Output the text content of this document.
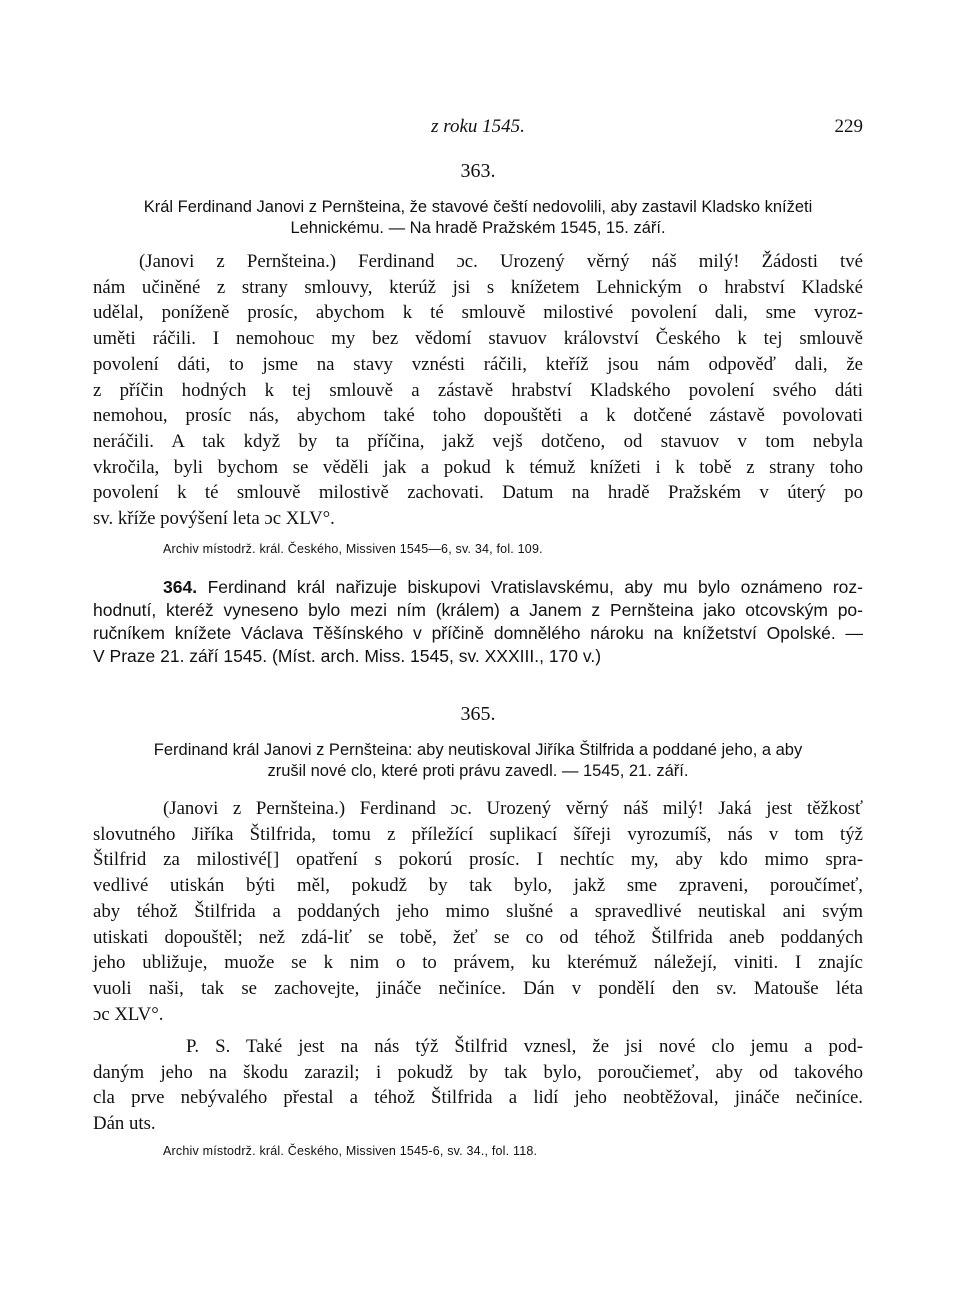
z roku 1545.	229
363.
Král Ferdinand Janovi z Pernšteina, že stavové čeští nedovolili, aby zastavil Kladsko knížeti
Lehnickému. — Na hradě Pražském 1545, 15. září.
(Janovi z Pernšteina.) Ferdinand ɔc. Urozený věrný náš milý! Žádosti tvé
nám učiněné z strany smlouvy, kterúž jsi s knížetem Lehnickým o hrabství Kladské
udělal, poníženě prosíc, abychom k té smlouvě milostivé povolení dali, sme vyroz-
uměti ráčili. I nemohouc my bez vědomí stavuov království Českého k tej smlouvě
povolení dáti, to jsme na stavy vznésti ráčili, kteříž jsou nám odpověď dali, že
z příčin hodných k tej smlouvě a zástavě hrabství Kladského povolení svého dáti
nemohou, prosíc nás, abychom také toho dopouštěti a k dotčené zástavě povolovati
neráčili. A tak když by ta příčina, jakž vejš dotčeno, od stavuov v tom nebyla
vkročila, byli bychom se věděli jak a pokud k témuž knížeti i k tobě z strany toho
povolení k té smlouvě milostivě zachovati. Datum na hradě Pražském v úterý po
sv. kříže povýšení leta ɔc XLV°.
Archiv místodrž. král. Českého, Missiven 1545—6, sv. 34, fol. 109.
364. Ferdinand král nařizuje biskupovi Vratislavskému, aby mu bylo oznámeno roz-
hodnutí, kteréž vyneseno bylo mezi ním (králem) a Janem z Pernšteina jako otcovským po-
ručníkem knížete Václava Těšínského v příčině domnělého nároku na knížetství Opolské. —
V Praze 21. září 1545. (Míst. arch. Miss. 1545, sv. XXXIII., 170 v.)
365.
Ferdinand král Janovi z Pernšteina: aby neutiskoval Jiříka Štilfrida a poddané jeho, a aby
zrušil nové clo, které proti právu zavedl. — 1545, 21. září.
(Janovi z Pernšteina.) Ferdinand ɔc. Urozený věrný náš milý! Jaká jest těžkosť
slovutného Jiříka Štilfrida, tomu z příležící suplikací šířeji vyrozumíš, nás v tom týž
Štilfrid za milostivé[] opatření s pokorú prosíc. I nechtíc my, aby kdo mimo spra-
vedlivé utiskán býti měl, pokudž by tak bylo, jakž sme zpraveni, poroučímeť,
aby téhož Štilfrida a poddaných jeho mimo slušné a spravedlivé neutiskal ani svým
utiskati dopouštěl; než zdá-liť se tobě, žeť se co od téhož Štilfrida aneb poddaných
jeho ubližuje, muože se k nim o to právem, ku kterémuž náležejí, viniti. I znajíc
vuoli naši, tak se zachovejte, jináče nečiníce. Dán v pondělí den sv. Matouše léta
ɔc XLV°.
P. S. Také jest na nás týž Štilfrid vznesl, že jsi nové clo jemu a pod-
daným jeho na škodu zarazil; i pokudž by tak bylo, poroučiemeť, aby od takového
cla prve nebývalého přestal a téhož Štilfrida a lidí jeho neobtěžoval, jináče nečiníce.
Dán uts.
Archiv místodrž. král. Českého, Missiven 1545-6, sv. 34., fol. 118.
